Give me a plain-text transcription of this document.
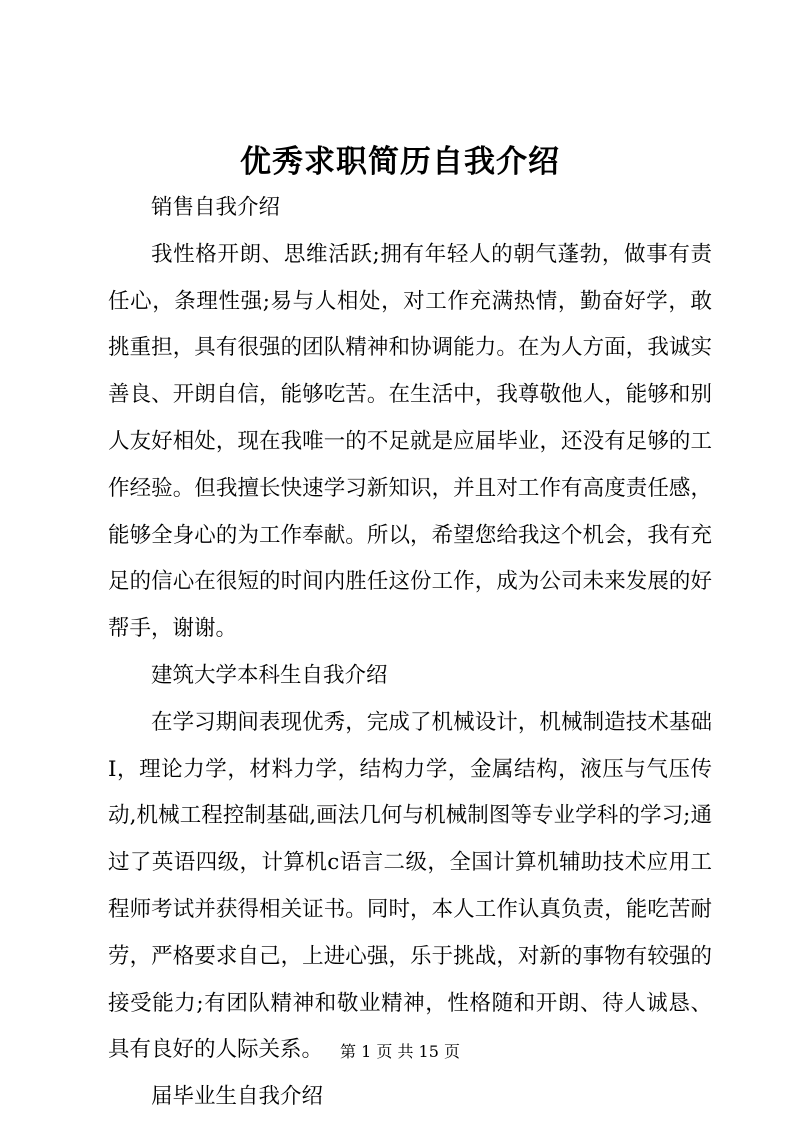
优秀求职简历自我介绍

销售自我介绍

我性格开朗、思维活跃;拥有年轻人的朝气蓬勃，做事有责任心，条理性强;易与人相处，对工作充满热情，勤奋好学，敢挑重担，具有很强的团队精神和协调能力。在为人方面，我诚实善良、开朗自信，能够吃苦。在生活中，我尊敬他人，能够和别人友好相处，现在我唯一的不足就是应届毕业，还没有足够的工作经验。但我擅长快速学习新知识，并且对工作有高度责任感，能够全身心的为工作奉献。所以，希望您给我这个机会，我有充足的信心在很短的时间内胜任这份工作，成为公司未来发展的好帮手，谢谢。

建筑大学本科生自我介绍

在学习期间表现优秀，完成了机械设计，机械制造技术基础Ⅰ，理论力学，材料力学，结构力学，金属结构，液压与气压传动,机械工程控制基础,画法几何与机械制图等专业学科的学习;通过了英语四级，计算机c语言二级，全国计算机辅助技术应用工程师考试并获得相关证书。同时，本人工作认真负责，能吃苦耐劳，严格要求自己，上进心强，乐于挑战，对新的事物有较强的接受能力;有团队精神和敬业精神，性格随和开朗、待人诚恳、具有良好的人际关系。

届毕业生自我介绍

第 1 页 共 15 页
